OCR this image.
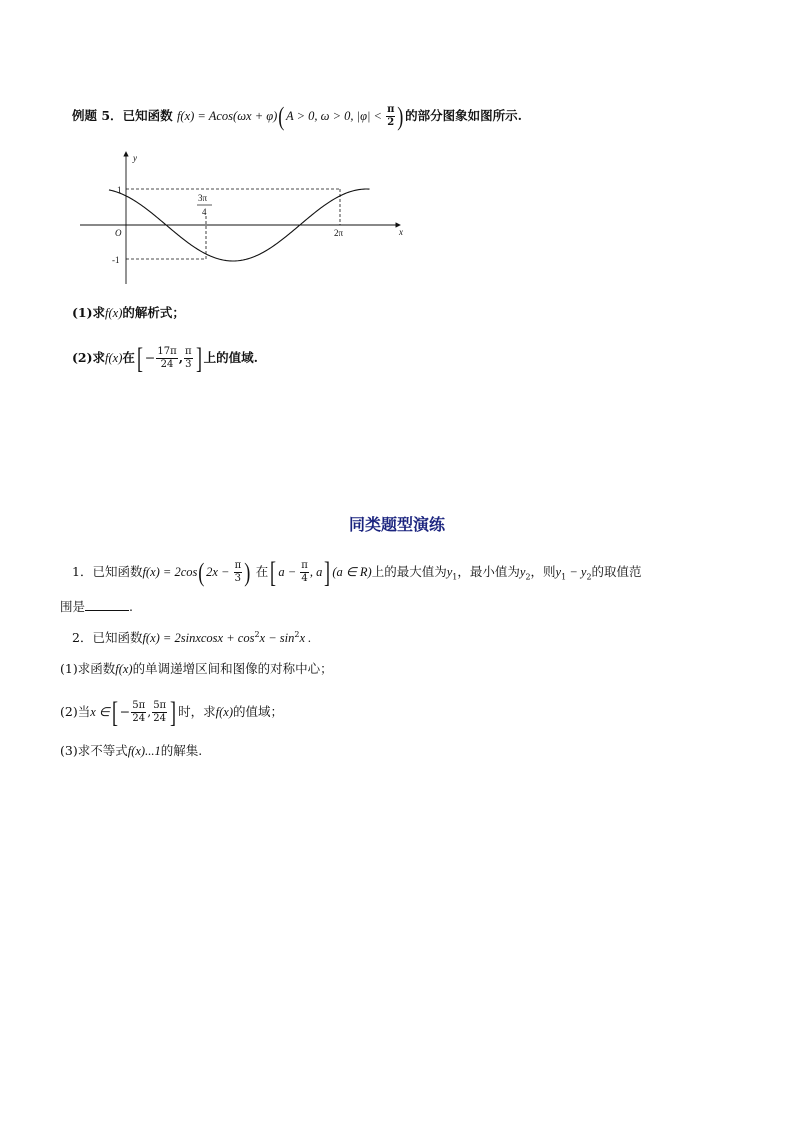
例题 5．已知函数 f(x) = Acos(ωx + φ)(A > 0, ω > 0, $|\varphi| < \frac{\pi}{2}$ )的部分图象如图所示.
y
x
O
1
-1
3π
4
2π
(1)求f(x)的解析式；
(2)求f(x)在[ − $\frac{17\pi}{24}$ , $\frac{\pi}{3}$ ] 上的值域.
同类题型演练
1．已知函数$f(x) = 2\cos(2x - \frac{\pi}{3}$ ) 在[ $a - \frac{\pi}{4}$ , a] (a ∈ R)上的最大值为$y_1$，最小值为$y_2$，则$y_1 - y_2$的取值范
围是	.
2．已知函数f(x) = 2sinxcosx + $\cos^2x - \sin^2x$ .
(1)求函数f(x)的单调递增区间和图像的对称中心；
(2)当x ∈[ − $\frac{5\pi}{24}$ , $\frac{5\pi}{24}$ ] 时，求f(x)的值域；
(3)求不等式f(x)...1的解集.
